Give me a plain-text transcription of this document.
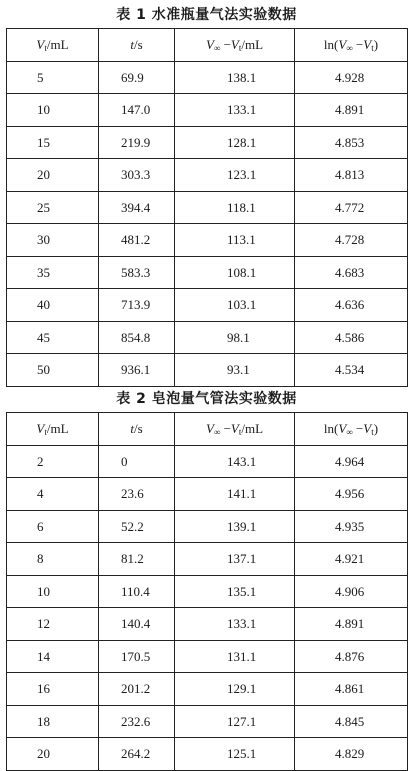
表 1 水准瓶量气法实验数据
$V_t/mL$	t/s	$V_\infty -V_t/mL$	$\ln(V_\infty -V_t)$
5	69.9	138.1	4.928
10	147.0	133.1	4.891
15	219.9	128.1	4.853
20	303.3	123.1	4.813
25	394.4	118.1	4.772
30	481.2	113.1	4.728
35	583.3	108.1	4.683
40	713.9	103.1	4.636
45	854.8	98.1	4.586
50	936.1	93.1	4.534
表 2 皂泡量气管法实验数据
$V_t/mL$	t/s	$V_\infty -V_t/mL$	$\ln(V_\infty -V_t)$
2	0	143.1	4.964
4	23.6	141.1	4.956
6	52.2	139.1	4.935
8	81.2	137.1	4.921
10	110.4	135.1	4.906
12	140.4	133.1	4.891
14	170.5	131.1	4.876
16	201.2	129.1	4.861
18	232.6	127.1	4.845
20	264.2	125.1	4.829
